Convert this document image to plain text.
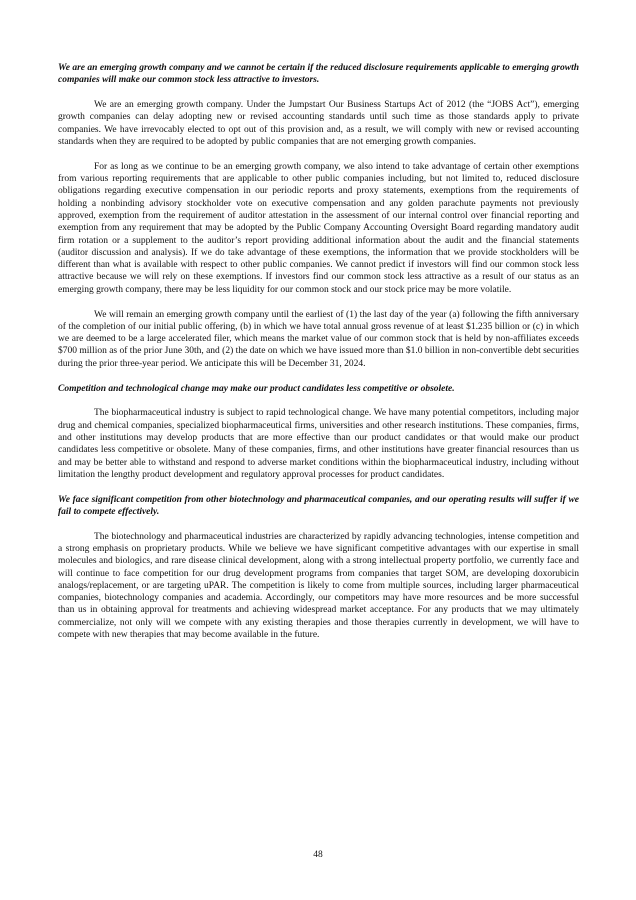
We are an emerging growth company and we cannot be certain if the reduced disclosure requirements applicable to emerging growth companies will make our common stock less attractive to investors.

We are an emerging growth company. Under the Jumpstart Our Business Startups Act of 2012 (the “JOBS Act”), emerging growth companies can delay adopting new or revised accounting standards until such time as those standards apply to private companies. We have irrevocably elected to opt out of this provision and, as a result, we will comply with new or revised accounting standards when they are required to be adopted by public companies that are not emerging growth companies.

For as long as we continue to be an emerging growth company, we also intend to take advantage of certain other exemptions from various reporting requirements that are applicable to other public companies including, but not limited to, reduced disclosure obligations regarding executive compensation in our periodic reports and proxy statements, exemptions from the requirements of holding a nonbinding advisory stockholder vote on executive compensation and any golden parachute payments not previously approved, exemption from the requirement of auditor attestation in the assessment of our internal control over financial reporting and exemption from any requirement that may be adopted by the Public Company Accounting Oversight Board regarding mandatory audit firm rotation or a supplement to the auditor’s report providing additional information about the audit and the financial statements (auditor discussion and analysis). If we do take advantage of these exemptions, the information that we provide stockholders will be different than what is available with respect to other public companies. We cannot predict if investors will find our common stock less attractive because we will rely on these exemptions. If investors find our common stock less attractive as a result of our status as an emerging growth company, there may be less liquidity for our common stock and our stock price may be more volatile.

We will remain an emerging growth company until the earliest of (1) the last day of the year (a) following the fifth anniversary of the completion of our initial public offering, (b) in which we have total annual gross revenue of at least $1.235 billion or (c) in which we are deemed to be a large accelerated filer, which means the market value of our common stock that is held by non-affiliates exceeds $700 million as of the prior June 30th, and (2) the date on which we have issued more than $1.0 billion in non-convertible debt securities during the prior three-year period. We anticipate this will be December 31, 2024.

Competition and technological change may make our product candidates less competitive or obsolete.

The biopharmaceutical industry is subject to rapid technological change. We have many potential competitors, including major drug and chemical companies, specialized biopharmaceutical firms, universities and other research institutions. These companies, firms, and other institutions may develop products that are more effective than our product candidates or that would make our product candidates less competitive or obsolete. Many of these companies, firms, and other institutions have greater financial resources than us and may be better able to withstand and respond to adverse market conditions within the biopharmaceutical industry, including without limitation the lengthy product development and regulatory approval processes for product candidates.

We face significant competition from other biotechnology and pharmaceutical companies, and our operating results will suffer if we fail to compete effectively.

The biotechnology and pharmaceutical industries are characterized by rapidly advancing technologies, intense competition and a strong emphasis on proprietary products. While we believe we have significant competitive advantages with our expertise in small molecules and biologics, and rare disease clinical development, along with a strong intellectual property portfolio, we currently face and will continue to face competition for our drug development programs from companies that target SOM, are developing doxorubicin analogs/replacement, or are targeting uPAR. The competition is likely to come from multiple sources, including larger pharmaceutical companies, biotechnology companies and academia. Accordingly, our competitors may have more resources and be more successful than us in obtaining approval for treatments and achieving widespread market acceptance. For any products that we may ultimately commercialize, not only will we compete with any existing therapies and those therapies currently in development, we will have to compete with new therapies that may become available in the future.

48
